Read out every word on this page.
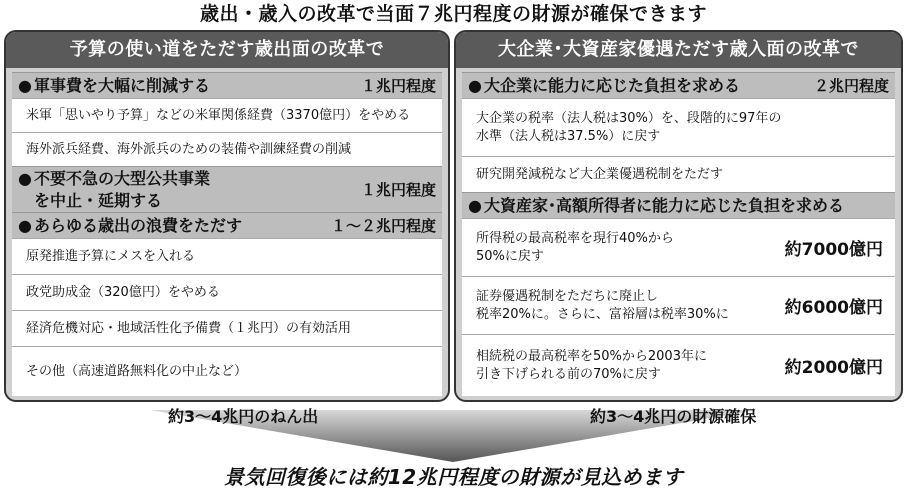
歳出・歳入の改革で当面７兆円程度の財源が確保できます
予算の使い道をただす歳出面の改革で
● 軍事費を大幅に削減する	１兆円程度
米軍「思いやり予算」などの米軍関係経費（3370億円）をやめる
海外派兵経費、海外派兵のための装備や訓練経費の削減
● 不要不急の大型公共事業
を中止・延期する
１兆円程度
● あらゆる歳出の浪費をただす	１～２兆円程度
原発推進予算にメスを入れる
政党助成金（320億円）をやめる
経済危機対応・地域活性化予備費（１兆円）の有効活用
その他（高速道路無料化の中止など）
大企業･大資産家優遇ただす歳入面の改革で
● 大企業に能力に応じた負担を求める	２兆円程度
大企業の税率（法人税は30%）を、段階的に97年の
水準（法人税は37.5%）に戻す
研究開発減税など大企業優遇税制をただす
● 大資産家･高額所得者に能力に応じた負担を求める
所得税の最高税率を現行40%から
50%に戻す	約7000億円
証券優遇税制をただちに廃止し
税率20%に。さらに、富裕層は税率30%に	約6000億円
相続税の最高税率を50%から2003年に
引き下げられる前の70%に戻す	約2000億円
約3～4兆円のねん出	約3～4兆円の財源確保
景気回復後には約12兆円程度の財源が見込めます
